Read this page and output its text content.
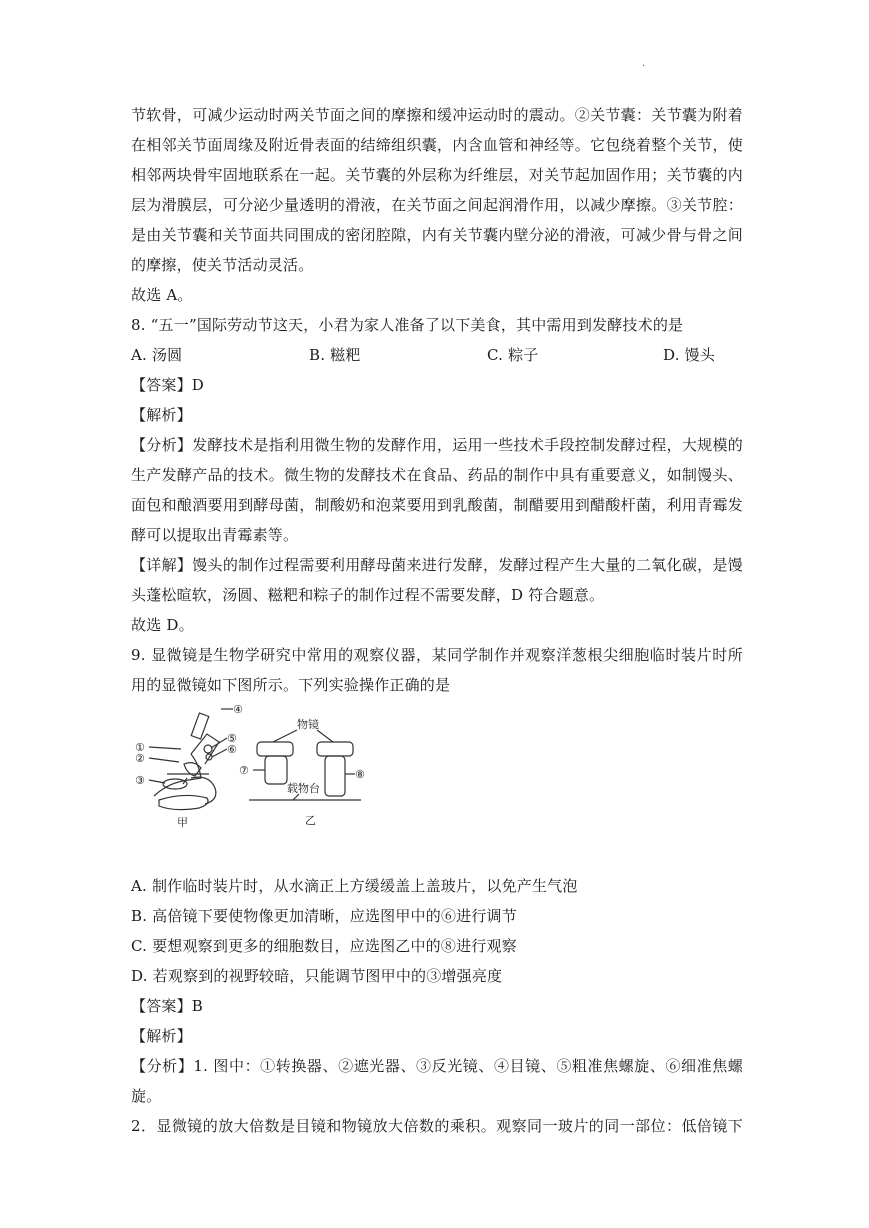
.
节软骨，可减少运动时两关节面之间的摩擦和缓冲运动时的震动。②关节囊：关节囊为附着
在相邻关节面周缘及附近骨表面的结缔组织囊，内含血管和神经等。它包绕着整个关节，使
相邻两块骨牢固地联系在一起。关节囊的外层称为纤维层，对关节起加固作用；关节囊的内
层为滑膜层，可分泌少量透明的滑液，在关节面之间起润滑作用，以减少摩擦。③关节腔：
是由关节囊和关节面共同围成的密闭腔隙，内有关节囊内壁分泌的滑液，可减少骨与骨之间
的摩擦，使关节活动灵活。
故选 A。
8. “五一”国际劳动节这天，小君为家人准备了以下美食，其中需用到发酵技术的是
A. 汤圆	B. 糍粑	C. 粽子	D. 馒头
【答案】D
【解析】
【分析】发酵技术是指利用微生物的发酵作用，运用一些技术手段控制发酵过程，大规模的
生产发酵产品的技术。微生物的发酵技术在食品、药品的制作中具有重要意义，如制馒头、
面包和酿酒要用到酵母菌，制酸奶和泡菜要用到乳酸菌，制醋要用到醋酸杆菌，利用青霉发
酵可以提取出青霉素等。
【详解】馒头的制作过程需要利用酵母菌来进行发酵，发酵过程产生大量的二氧化碳，是馒
头蓬松暄软，汤圆、糍粑和粽子的制作过程不需要发酵，D 符合题意。
故选 D。
9. 显微镜是生物学研究中常用的观察仪器，某同学制作并观察洋葱根尖细胞临时装片时所
用的显微镜如下图所示。下列实验操作正确的是
④
⑤
⑥
①
②
③
甲
物镜
⑦	⑧
载物台
乙
A. 制作临时装片时，从水滴正上方缓缓盖上盖玻片，以免产生气泡
B. 高倍镜下要使物像更加清晰，应选图甲中的⑥进行调节
C. 要想观察到更多的细胞数目，应选图乙中的⑧进行观察
D. 若观察到的视野较暗，只能调节图甲中的③增强亮度
【答案】B
【解析】
【分析】1. 图中：①转换器、②遮光器、③反光镜、④目镜、⑤粗准焦螺旋、⑥细准焦螺
旋。
2．显微镜的放大倍数是目镜和物镜放大倍数的乘积。观察同一玻片的同一部位：低倍镜下
